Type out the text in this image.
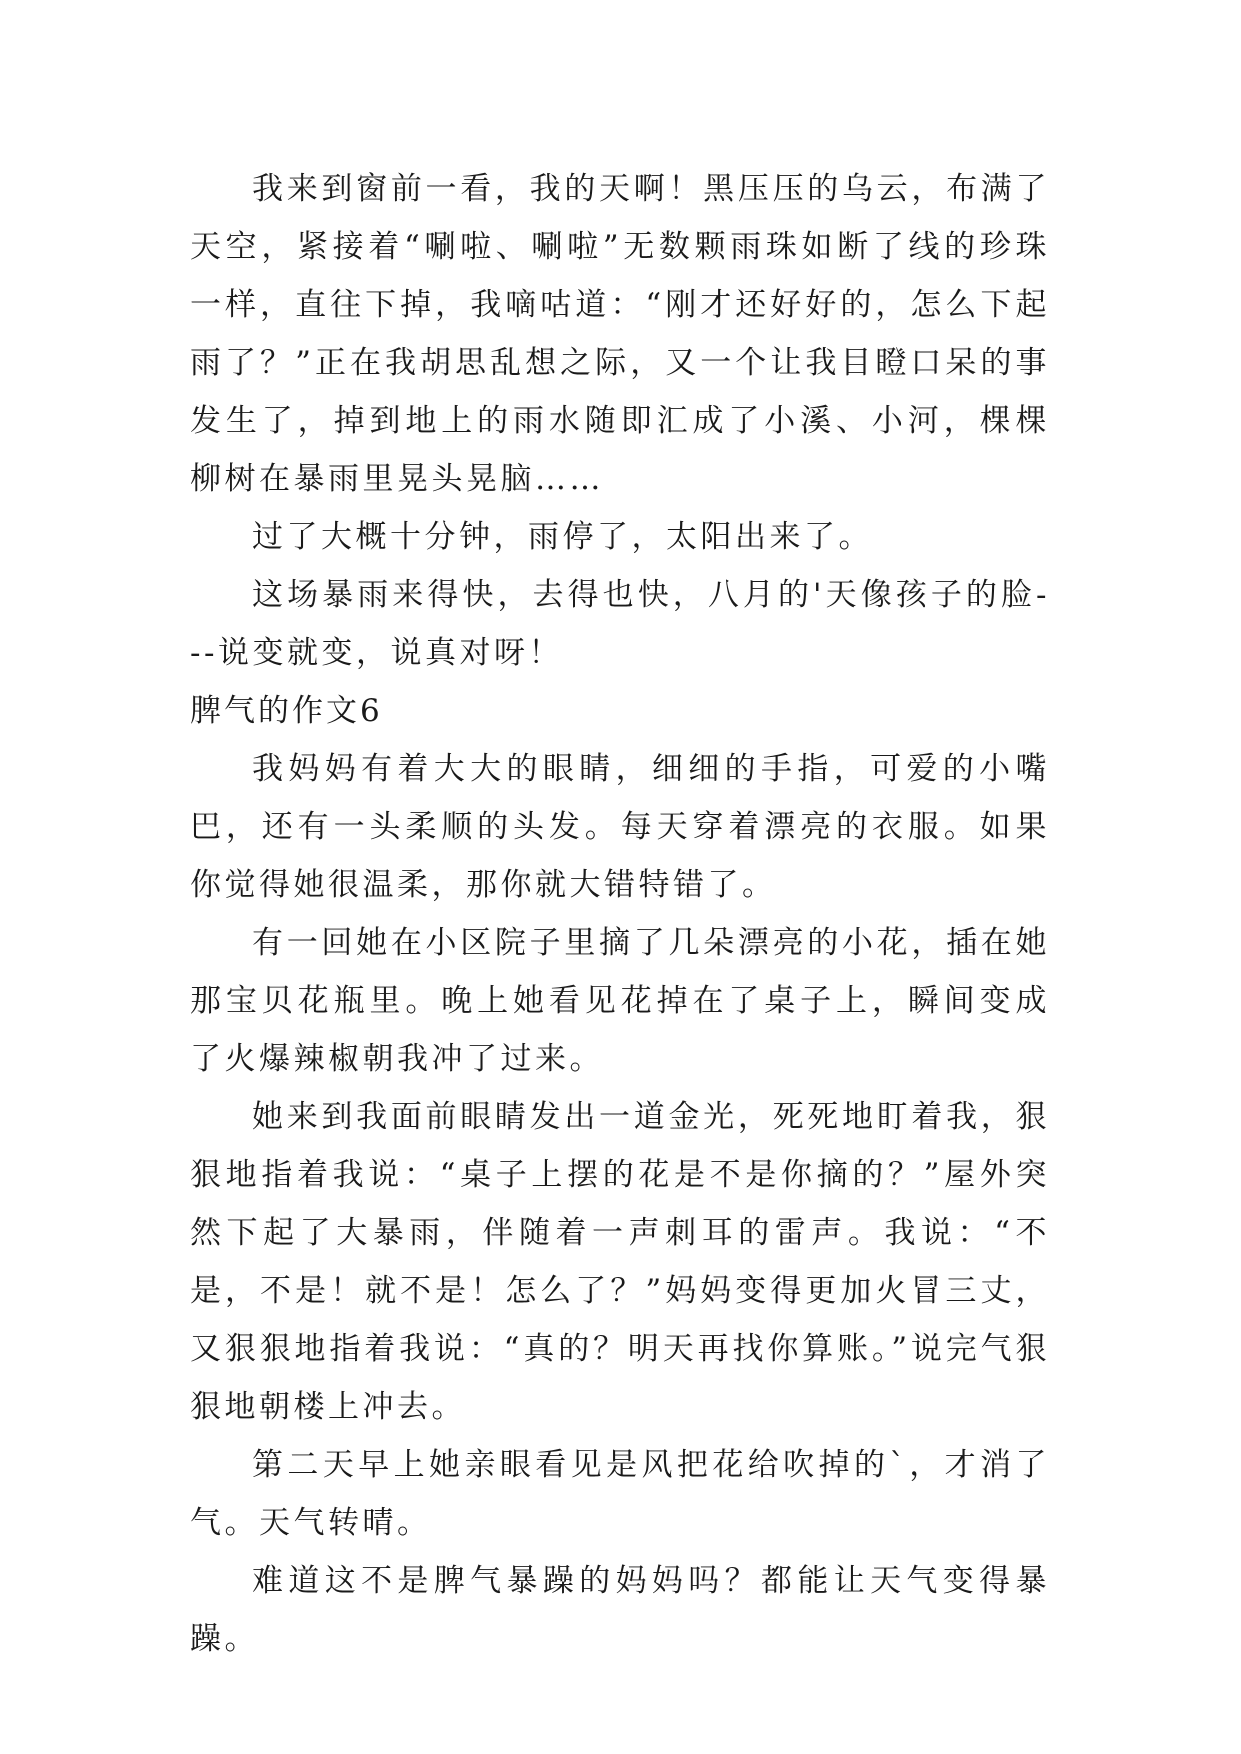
我来到窗前一看，我的天啊！黑压压的乌云，布满了天空，紧接着“唰啦、唰啦”无数颗雨珠如断了线的珍珠一样，直往下掉，我嘀咕道：“刚才还好好的，怎么下起雨了？”正在我胡思乱想之际，又一个让我目瞪口呆的事发生了，掉到地上的雨水随即汇成了小溪、小河，棵棵柳树在暴雨里晃头晃脑……

过了大概十分钟，雨停了，太阳出来了。

这场暴雨来得快，去得也快，八月的'天像孩子的脸---说变就变，说真对呀！

脾气的作文6

我妈妈有着大大的眼睛，细细的手指，可爱的小嘴巴，还有一头柔顺的头发。每天穿着漂亮的衣服。如果你觉得她很温柔，那你就大错特错了。

有一回她在小区院子里摘了几朵漂亮的小花，插在她那宝贝花瓶里。晚上她看见花掉在了桌子上，瞬间变成了火爆辣椒朝我冲了过来。

她来到我面前眼睛发出一道金光，死死地盯着我，狠狠地指着我说：“桌子上摆的花是不是你摘的？”屋外突然下起了大暴雨，伴随着一声刺耳的雷声。我说：“不是，不是！就不是！怎么了？”妈妈变得更加火冒三丈，又狠狠地指着我说：“真的？明天再找你算账。”说完气狠狠地朝楼上冲去。

第二天早上她亲眼看见是风把花给吹掉的`，才消了气。天气转晴。

难道这不是脾气暴躁的妈妈吗？都能让天气变得暴躁。
